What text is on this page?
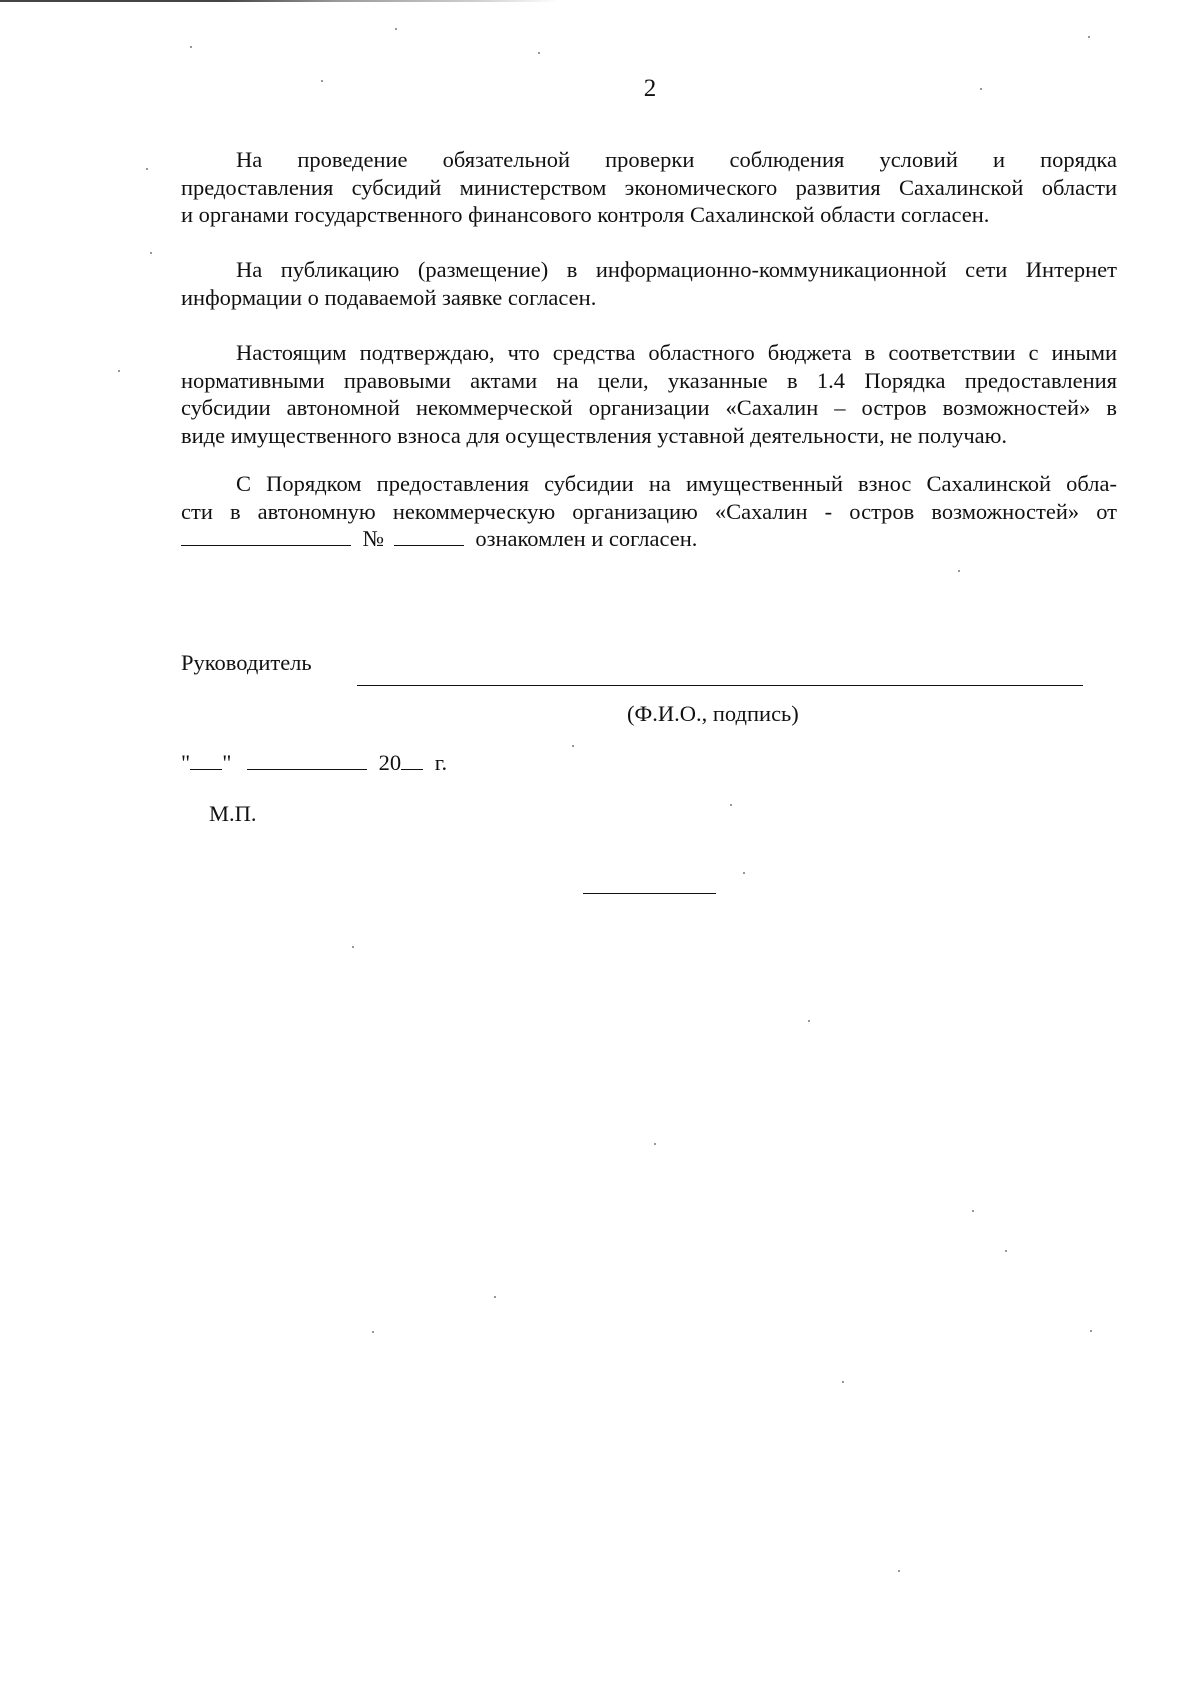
2
На проведение обязательной проверки соблюдения условий и порядка
предоставления субсидий министерством экономического развития Сахалинской области
и органами государственного финансового контроля Сахалинской области согласен.
На публикацию (размещение) в информационно-коммуникационной сети Интернет
информации о подаваемой заявке согласен.
Настоящим подтверждаю, что средства областного бюджета в соответствии с иными
нормативными правовыми актами на цели, указанные в 1.4 Порядка предоставления
субсидии автономной некоммерческой организации «Сахалин – остров возможностей» в
виде имущественного взноса для осуществления уставной деятельности, не получаю.
С Порядком предоставления субсидии на имущественный взнос Сахалинской обла-
сти в автономную некоммерческую организацию «Сахалин - остров возможностей» от
№	ознакомлен и согласен.
Руководитель
(Ф.И.О., подпись)
" "	20 г.
М.П.
